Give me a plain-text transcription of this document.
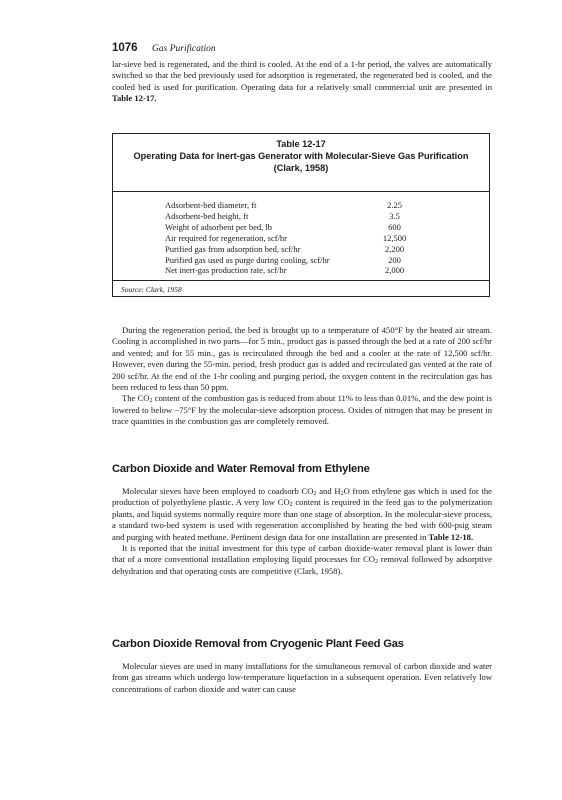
1076 Gas Purification

lar-sieve bed is regenerated, and the third is cooled. At the end of a 1-hr period, the valves are automatically switched so that the bed previously used for adsorption is regenerated, the regenerated bed is cooled, and the cooled bed is used for purification. Operating data for a relatively small commercial unit are presented in Table 12-17.

Table 12-17
Operating Data for Inert-gas Generator with Molecular-Sieve Gas Purification
(Clark, 1958)
Adsorbent-bed diameter, ft	2.25
Adsorbent-bed height, ft	3.5
Weight of adsorbent per bed, lb	600
Air required for regeneration, scf/hr	12,500
Purified gas from adsorption bed, scf/hr	2,200
Purified gas used as purge during cooling, scf/hr	200
Net inert-gas production rate, scf/hr	2,000
Source: Clark, 1958

During the regeneration period, the bed is brought up to a temperature of 450°F by the heated air stream. Cooling is accomplished in two parts—for 5 min., product gas is passed through the bed at a rate of 200 scf/hr and vented; and for 55 min., gas is recirculated through the bed and a cooler at the rate of 12,500 scf/hr. However, even during the 55-min. period, fresh product gas is added and recirculated gas vented at the rate of 200 scf/hr. At the end of the 1-hr cooling and purging period, the oxygen content in the recirculation gas has been reduced to less than 50 ppm.

The $CO_2$ content of the combustion gas is reduced from about 11% to less than 0.01%, and the dew point is lowered to below −75°F by the molecular-sieve adsorption process. Oxides of nitrogen that may be present in trace quantities in the combustion gas are completely removed.

Carbon Dioxide and Water Removal from Ethylene

Molecular sieves have been employed to coadsorb $CO_2$ and $H_2O$ from ethylene gas which is used for the production of polyethylene plastic. A very low $CO_2$ content is required in the feed gas to the polymerization plants, and liquid systems normally require more than one stage of absorption. In the molecular-sieve process, a standard two-bed system is used with regeneration accomplished by heating the bed with 600-psig steam and purging with heated methane. Pertinent design data for one installation are presented in Table 12-18.

It is reported that the initial investment for this type of carbon dioxide-water removal plant is lower than that of a more conventional installation employing liquid processes for $CO_2$ removal followed by adsorptive dehydration and that operating costs are competitive (Clark, 1958).

Carbon Dioxide Removal from Cryogenic Plant Feed Gas

Molecular sieves are used in many installations for the simultaneous removal of carbon dioxide and water from gas streams which undergo low-temperature liquefaction in a subsequent operation. Even relatively low concentrations of carbon dioxide and water can cause
